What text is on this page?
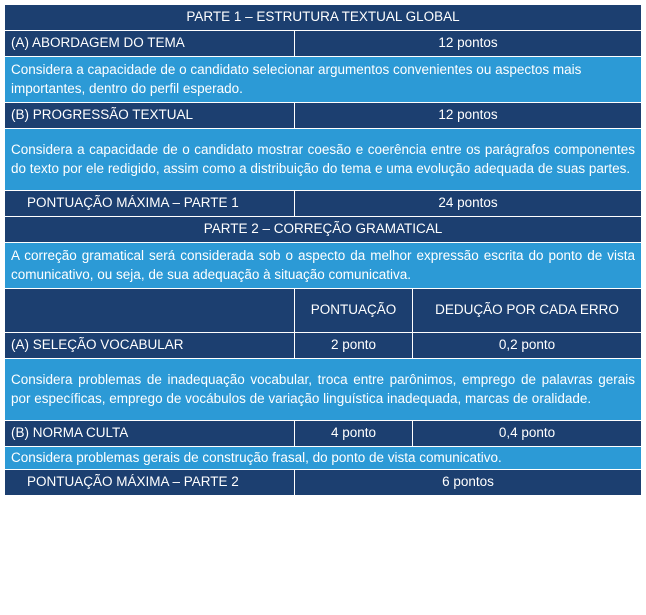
PARTE 1 – ESTRUTURA TEXTUAL GLOBAL		
(A) ABORDAGEM DO TEMA	12 pontos	
Considera a capacidade de o candidato selecionar argumentos convenientes ou aspectos mais importantes, dentro do perfil esperado.		
(B) PROGRESSÃO TEXTUAL	12 pontos	
Considera a capacidade de o candidato mostrar coesão e coerência entre os parágrafos componentes do texto por ele redigido, assim como a distribuição do tema e uma evolução adequada de suas partes.		
PONTUAÇÃO MÁXIMA – PARTE 1	24 pontos	
PARTE 2 – CORREÇÃO GRAMATICAL		
A correção gramatical será considerada sob o aspecto da melhor expressão escrita do ponto de vista comunicativo, ou seja, de sua adequação à situação comunicativa.		
	PONTUAÇÃO	DEDUÇÃO POR CADA ERRO
(A) SELEÇÃO VOCABULAR	2 ponto	0,2 ponto
Considera problemas de inadequação vocabular, troca entre parônimos, emprego de palavras gerais por específicas, emprego de vocábulos de variação linguística inadequada, marcas de oralidade.		
(B) NORMA CULTA	4 ponto	0,4 ponto
Considera problemas gerais de construção frasal, do ponto de vista comunicativo.		
PONTUAÇÃO MÁXIMA – PARTE 2	6 pontos	
